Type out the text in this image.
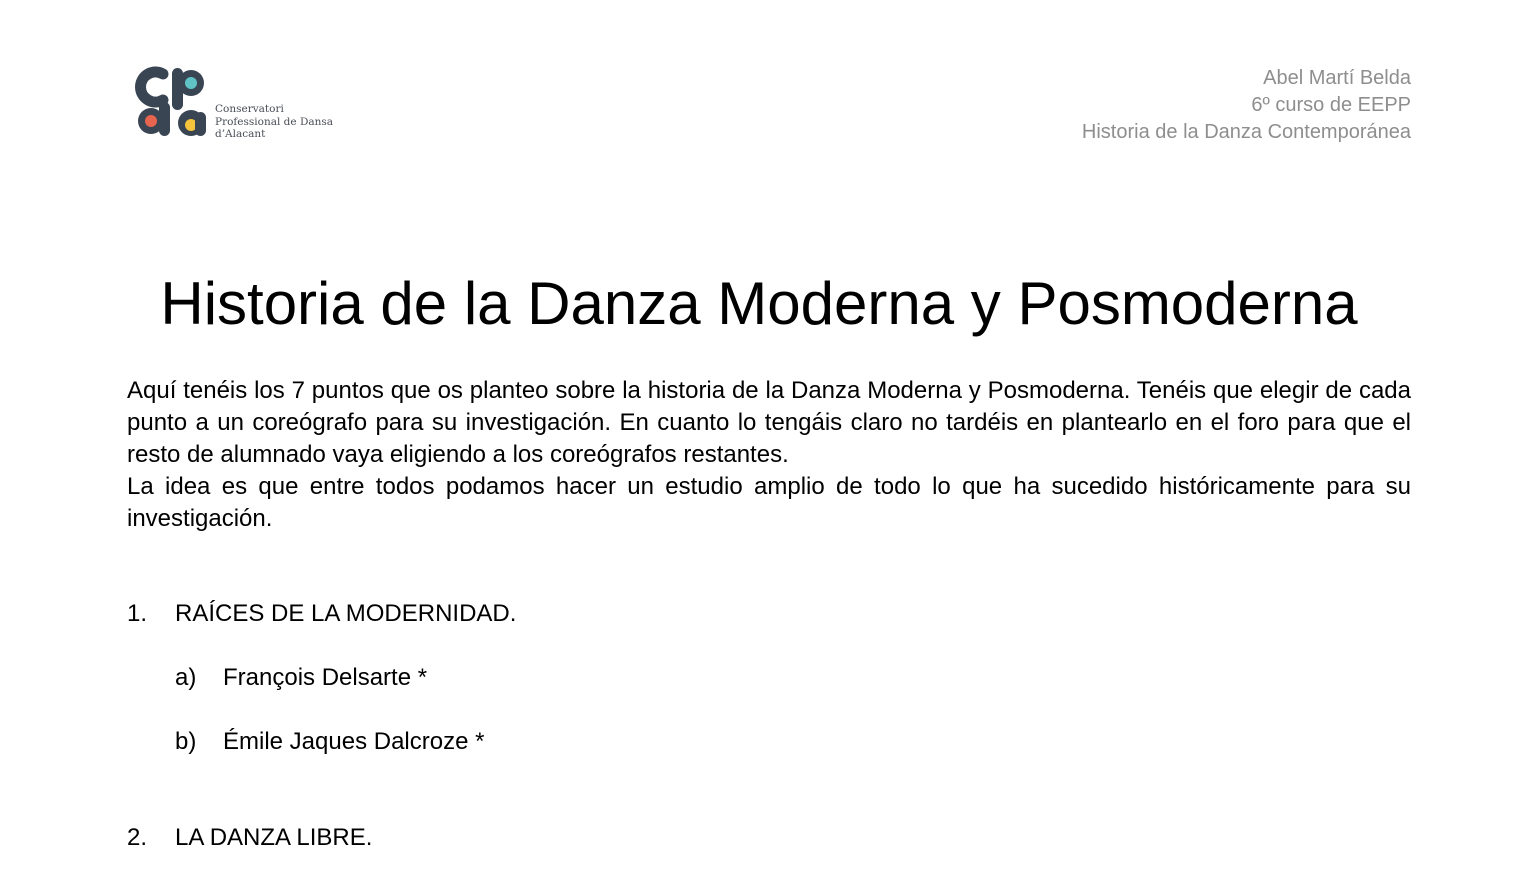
Conservatori
Professional de Dansa
d’Alacant
Abel Martí Belda
6º curso de EEPP
Historia de la Danza Contemporánea
Historia de la Danza Moderna y Posmoderna

Aquí tenéis los 7 puntos que os planteo sobre la historia de la Danza Moderna y Posmoderna. Tenéis que elegir de cada punto a un coreógrafo para su investigación. En cuanto lo tengáis claro no tardéis en plantearlo en el foro para que el resto de alumnado vaya eligiendo a los coreógrafos restantes.

La idea es que entre todos podamos hacer un estudio amplio de todo lo que ha sucedido históricamente para su investigación.

1. RAÍCES DE LA MODERNIDAD.
a) François Delsarte *
b) Émile Jaques Dalcroze *
2. LA DANZA LIBRE.
